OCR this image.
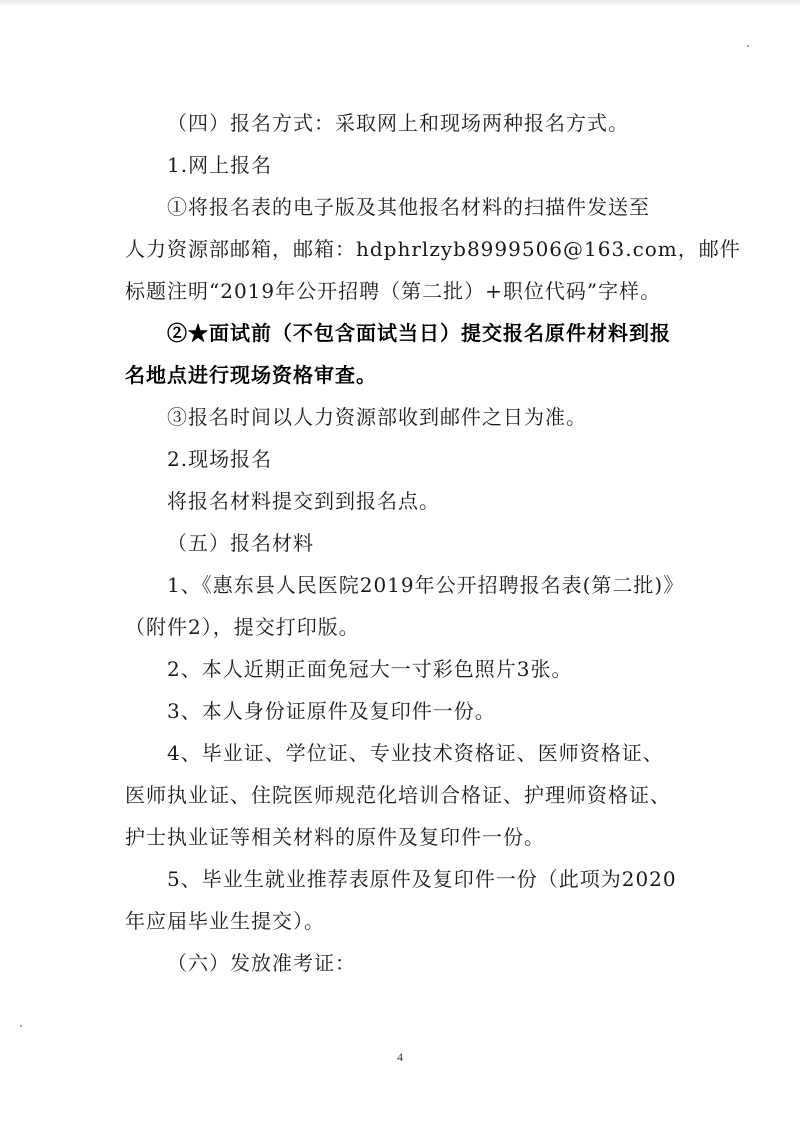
（四）报名方式：采取网上和现场两种报名方式。
1.网上报名
①将报名表的电子版及其他报名材料的扫描件发送至
人力资源部邮箱，邮箱：hdphrlzyb8999506@163.com，邮件
标题注明“2019年公开招聘（第二批）+职位代码”字样。
②★面试前（不包含面试当日）提交报名原件材料到报
名地点进行现场资格审查。
③报名时间以人力资源部收到邮件之日为准。
2.现场报名
将报名材料提交到到报名点。
（五）报名材料
1、《惠东县人民医院2019年公开招聘报名表(第二批)》
（附件2），提交打印版。
2、本人近期正面免冠大一寸彩色照片3张。
3、本人身份证原件及复印件一份。
4、毕业证、学位证、专业技术资格证、医师资格证、
医师执业证、住院医师规范化培训合格证、护理师资格证、
护士执业证等相关材料的原件及复印件一份。
5、毕业生就业推荐表原件及复印件一份（此项为2020
年应届毕业生提交）。
（六）发放准考证：
4
